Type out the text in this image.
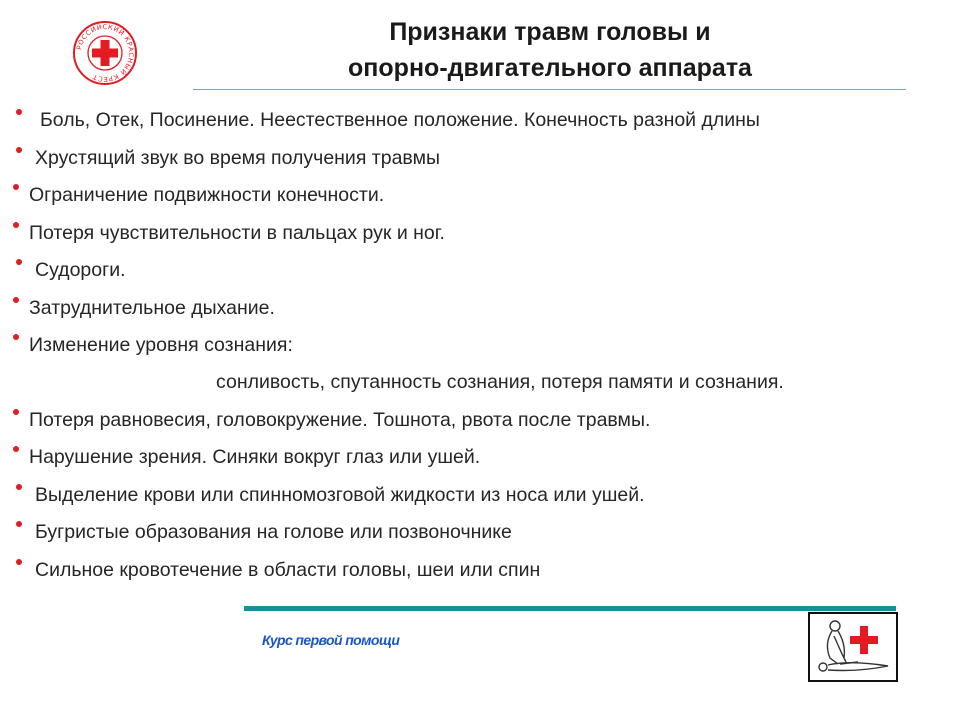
РОССИЙСКИЙ КРАСНЫЙ КРЕСТ
Признаки травм головы и
опорно-двигательного аппарата
Боль, Отек, Посинение. Неестественное положение. Конечность разной длины
Хрустящий звук во время получения травмы
Ограничение подвижности конечности.
Потеря чувствительности в пальцах рук и ног.
Судороги.
Затруднительное дыхание.
Изменение уровня сознания:
сонливость, спутанность сознания, потеря памяти и сознания.
Потеря равновесия, головокружение. Тошнота, рвота после травмы.
Нарушение зрения. Синяки вокруг глаз или ушей.
Выделение крови или спинномозговой жидкости из носа или ушей.
Бугристые образования на голове или позвоночнике
Сильное кровотечение в области головы, шеи или спин
Курс первой помощи
